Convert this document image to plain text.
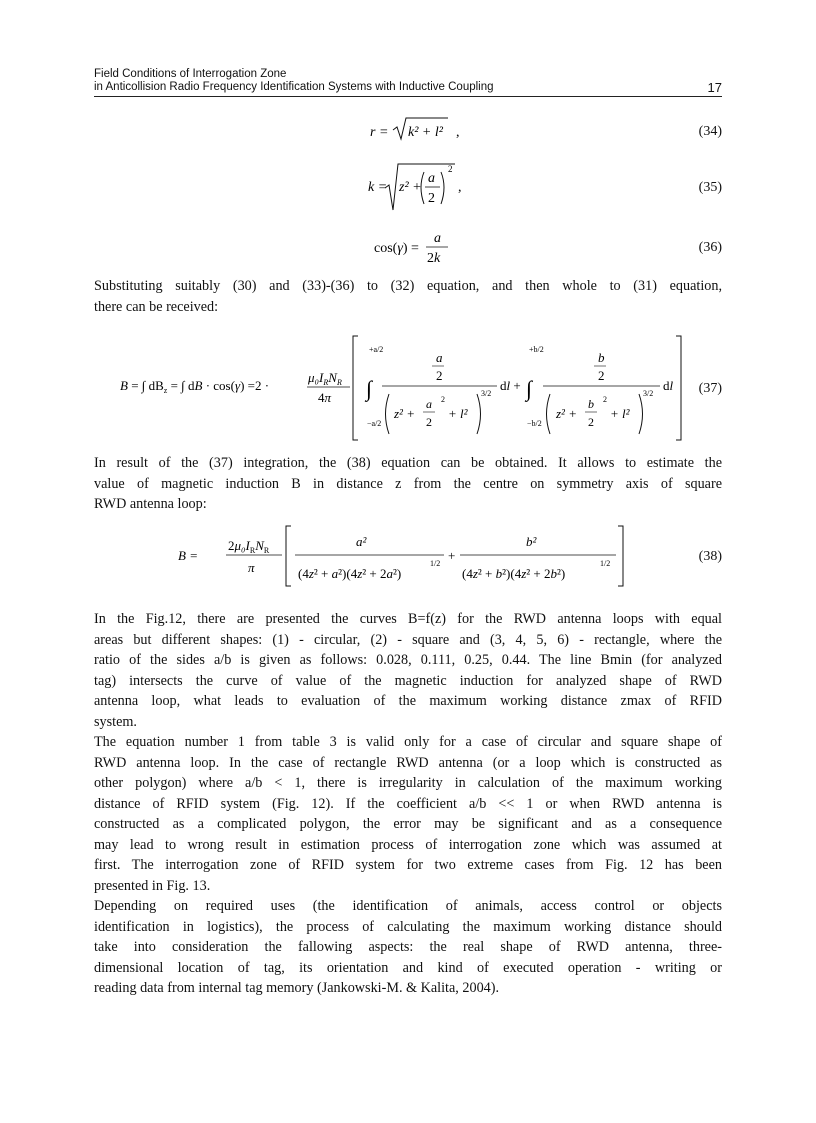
Field Conditions of Interrogation Zone
in Anticollision Radio Frequency Identification Systems with Inductive Coupling	17
r = k² + l² ,	(34)
k = z² +
a
2
2
,	(35)
cos(γ) =
a
2k
(36)

Substituting suitably (30) and (33)-(36) to (32) equation, and then whole to (31) equation,
there can be received:

B = ∫ $dB_z$ = ∫ dB · cos(γ) =2 ·
$\mu_0I_RN_R$
4π ∫
+a/2
−a/2
a
2
z² +
a
2
2
+ l²
3/2
dl + ∫
+b/2
−b/2
b
2
z² +
b
2
2
+ l²
3/2
dl (37)

In result of the (37) integration, the (38) equation can be obtained. It allows to estimate the
value of magnetic induction B in distance z from the centre on symmetry axis of square
RWD antenna loop:

B =
$2\mu_0I_RN_R$
π
a²
(4z² + a²)(4z² + 2a²)
1/2
+
b²
(4z² + b²)(4z² + 2b²)
1/2	(38)

In the Fig.12, there are presented the curves B=f(z) for the RWD antenna loops with equal
areas but different shapes: (1) - circular, (2) - square and (3, 4, 5, 6) - rectangle, where the
ratio of the sides a/b is given as follows: 0.028, 0.111, 0.25, 0.44. The line Bmin (for analyzed
tag) intersects the curve of value of the magnetic induction for analyzed shape of RWD
antenna loop, what leads to evaluation of the maximum working distance zmax of RFID
system.
The equation number 1 from table 3 is valid only for a case of circular and square shape of
RWD antenna loop. In the case of rectangle RWD antenna (or a loop which is constructed as
other polygon) where a/b < 1, there is irregularity in calculation of the maximum working
distance of RFID system (Fig. 12). If the coefficient a/b << 1 or when RWD antenna is
constructed as a complicated polygon, the error may be significant and as a consequence
may lead to wrong result in estimation process of interrogation zone which was assumed at
first. The interrogation zone of RFID system for two extreme cases from Fig. 12 has been
presented in Fig. 13.
Depending on required uses (the identification of animals, access control or objects
identification in logistics), the process of calculating the maximum working distance should
take into consideration the fallowing aspects: the real shape of RWD antenna, three-
dimensional location of tag, its orientation and kind of executed operation - writing or
reading data from internal tag memory (Jankowski-M. & Kalita, 2004).
